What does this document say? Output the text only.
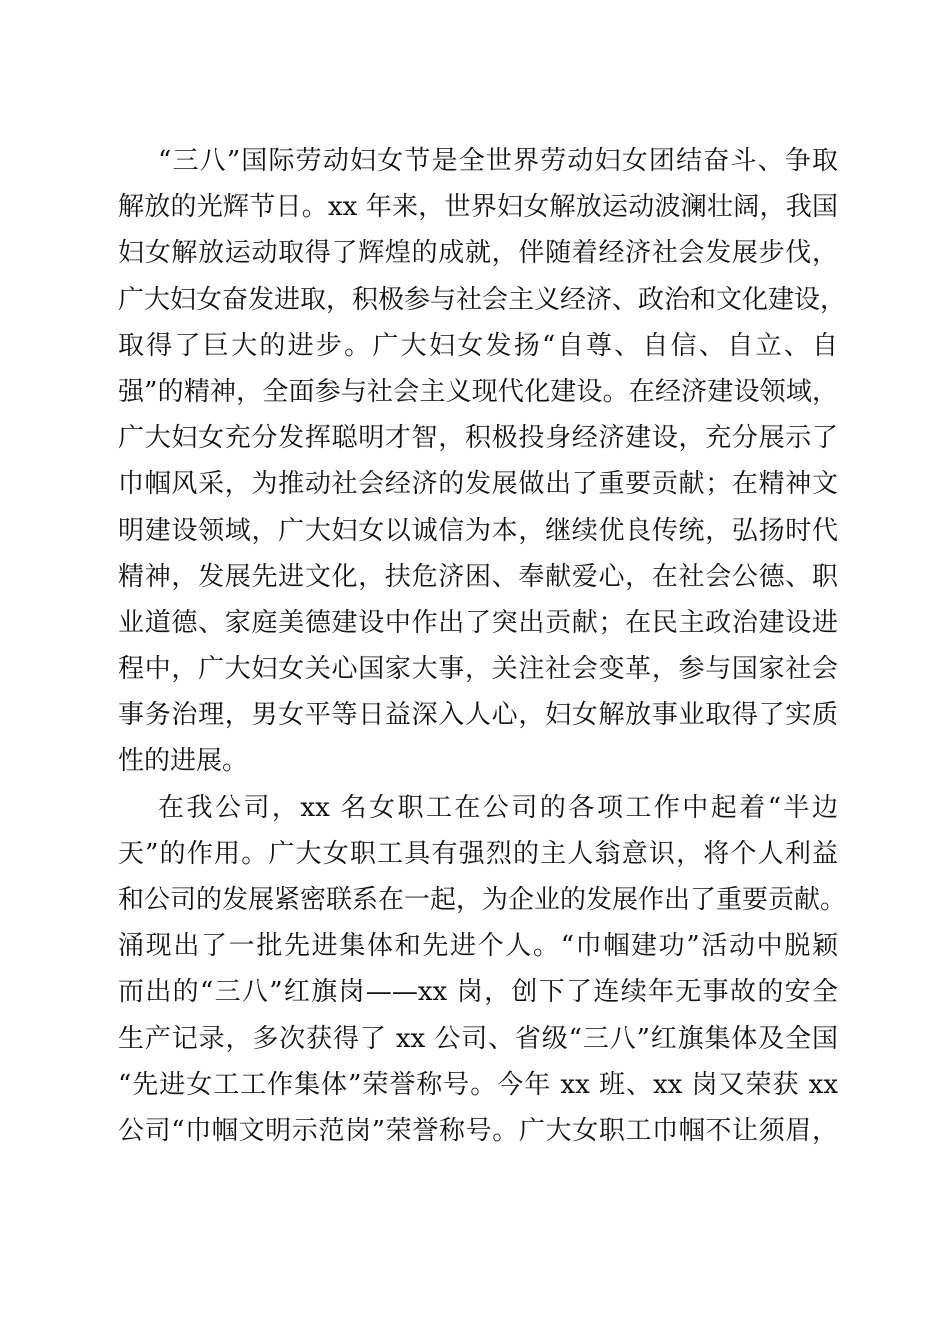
“三八”国际劳动妇女节是全世界劳动妇女团结奋斗、争取
解放的光辉节日。xx 年来，世界妇女解放运动波澜壮阔，我国
妇女解放运动取得了辉煌的成就，伴随着经济社会发展步伐，
广大妇女奋发进取，积极参与社会主义经济、政治和文化建设，
取得了巨大的进步。广大妇女发扬“自尊、自信、自立、自
强”的精神，全面参与社会主义现代化建设。在经济建设领域，
广大妇女充分发挥聪明才智，积极投身经济建设，充分展示了
巾帼风采，为推动社会经济的发展做出了重要贡献；在精神文
明建设领域，广大妇女以诚信为本，继续优良传统，弘扬时代
精神，发展先进文化，扶危济困、奉献爱心，在社会公德、职
业道德、家庭美德建设中作出了突出贡献；在民主政治建设进
程中，广大妇女关心国家大事，关注社会变革，参与国家社会
事务治理，男女平等日益深入人心，妇女解放事业取得了实质
性的进展。
在我公司，xx 名女职工在公司的各项工作中起着“半边
天”的作用。广大女职工具有强烈的主人翁意识，将个人利益
和公司的发展紧密联系在一起，为企业的发展作出了重要贡献。
涌现出了一批先进集体和先进个人。“巾帼建功”活动中脱颖
而出的“三八”红旗岗——xx 岗，创下了连续年无事故的安全
生产记录，多次获得了 xx 公司、省级“三八”红旗集体及全国
“先进女工工作集体”荣誉称号。今年 xx 班、xx 岗又荣获 xx
公司“巾帼文明示范岗”荣誉称号。广大女职工巾帼不让须眉，
